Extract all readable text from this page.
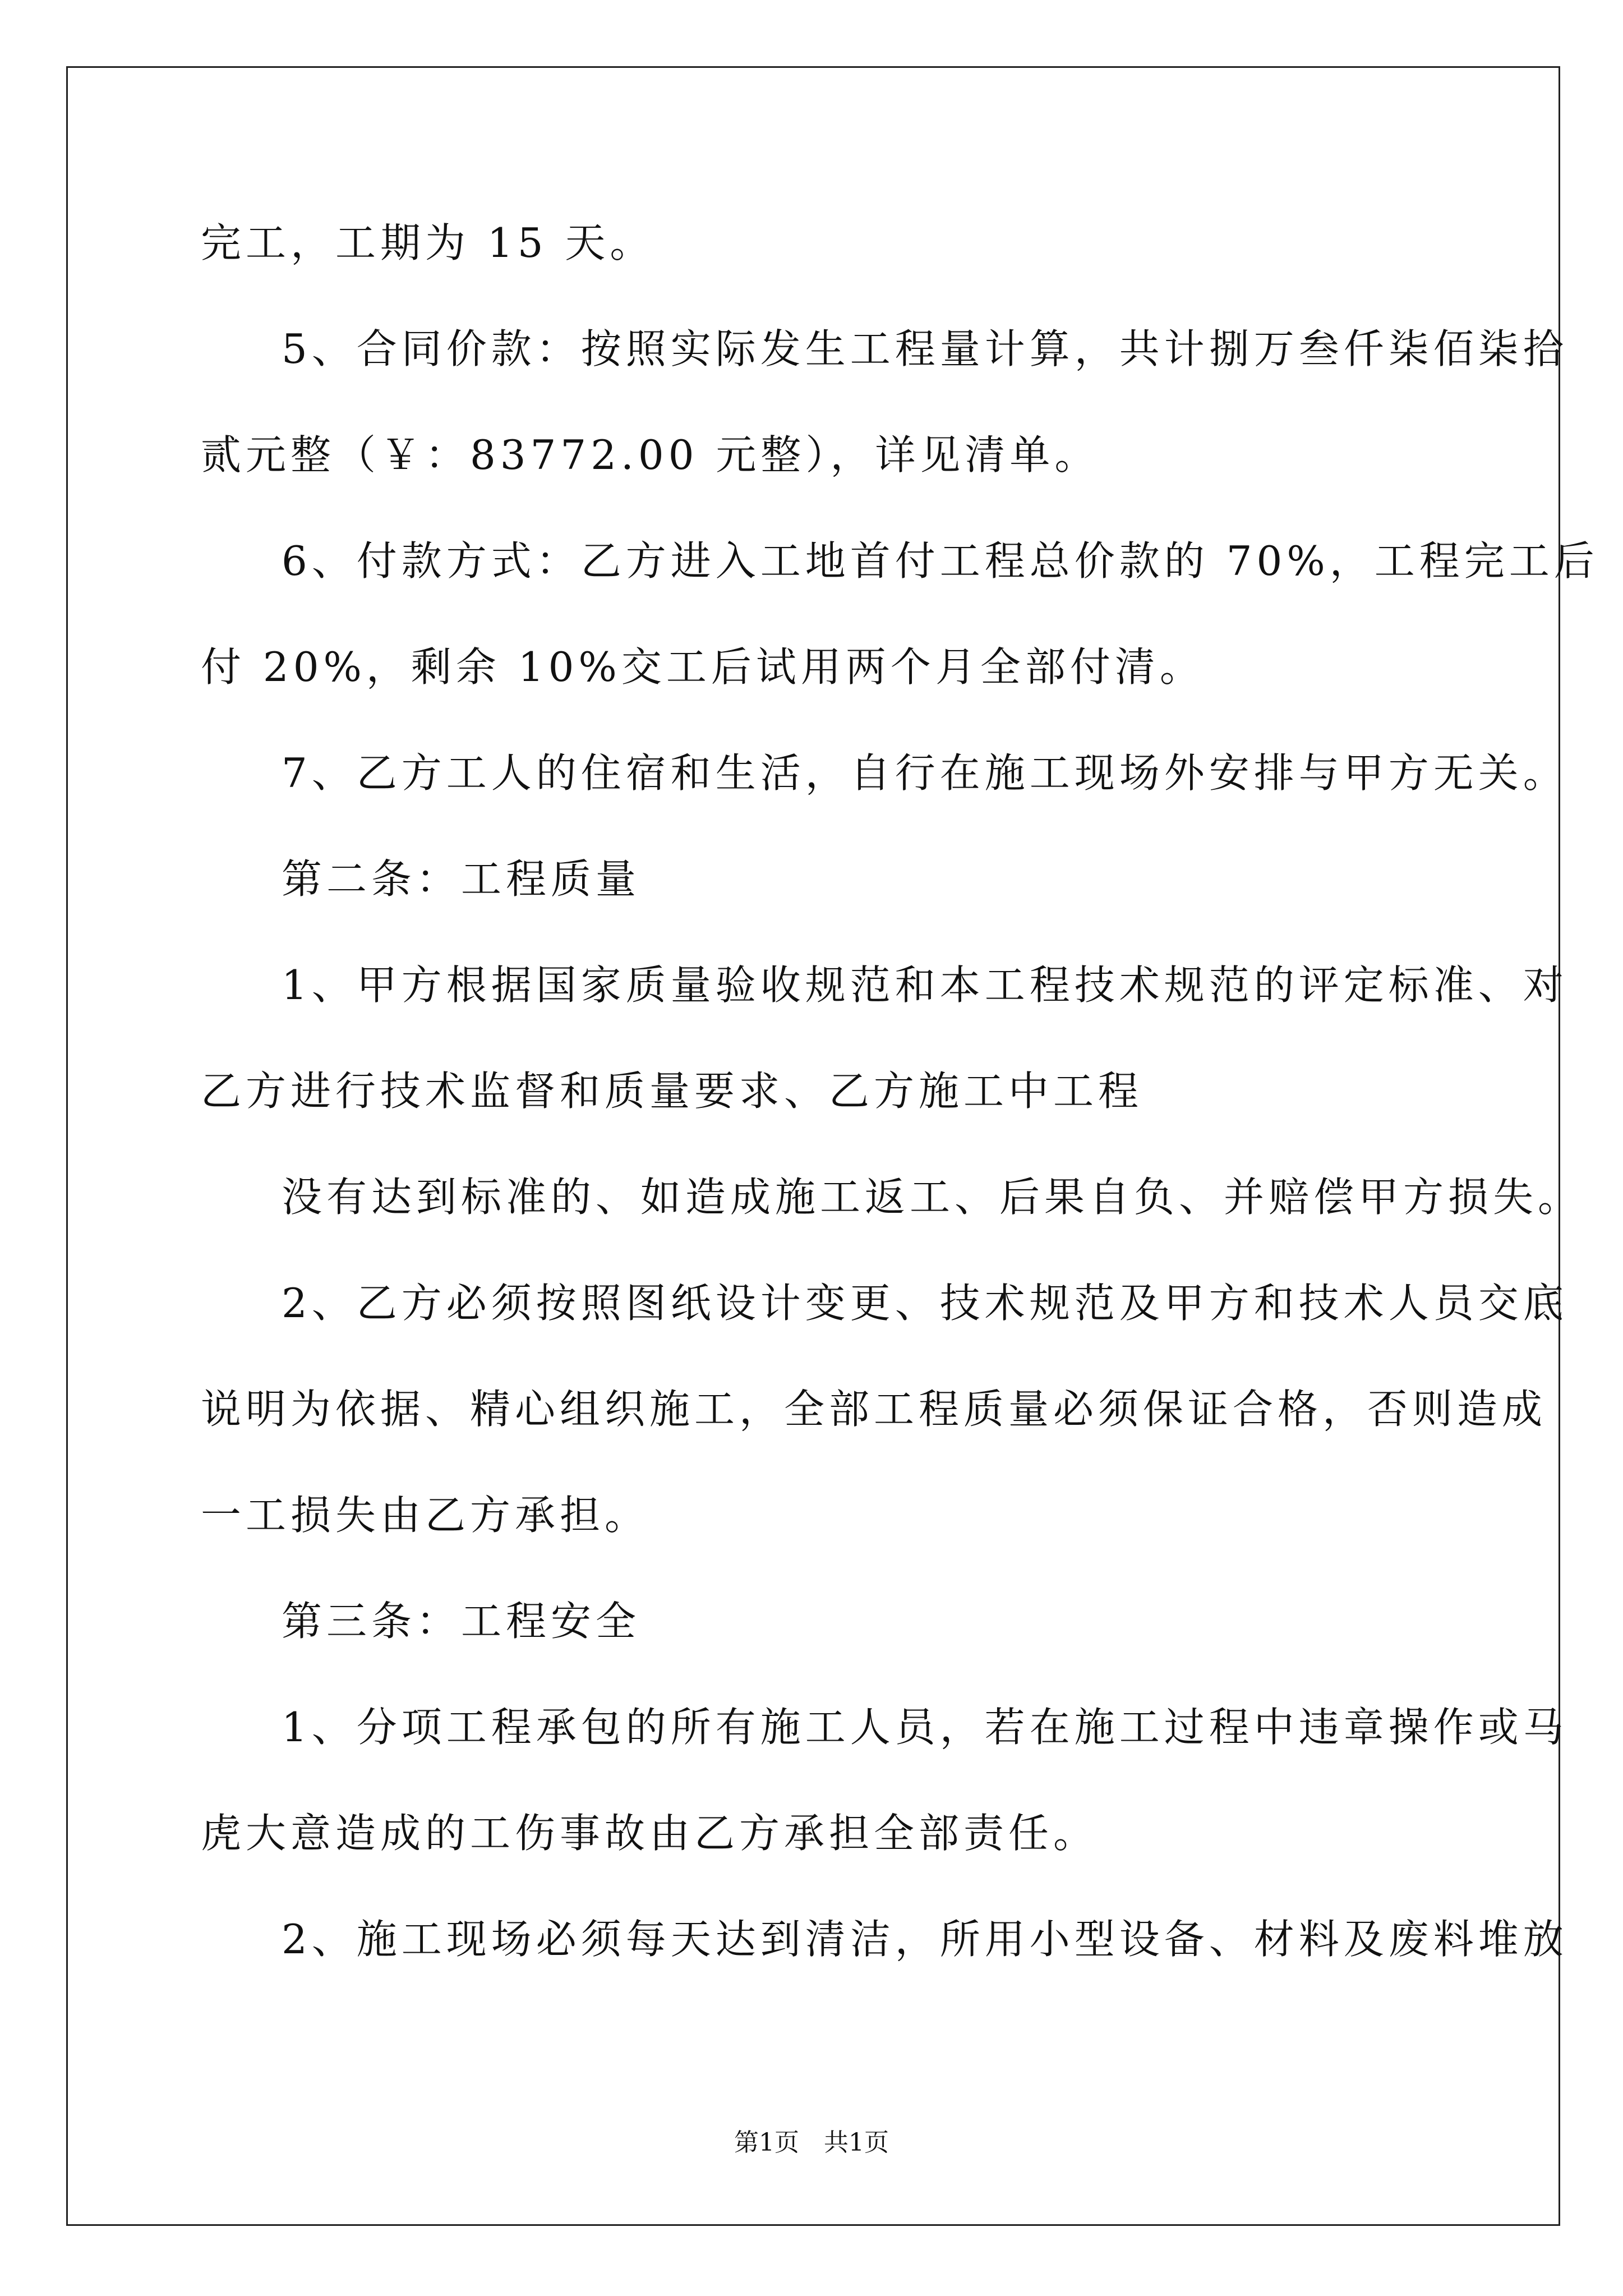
完工，工期为 15 天。
5、合同价款：按照实际发生工程量计算，共计捌万叁仟柒佰柒拾
贰元整（￥：83772.00 元整），详见清单。
6、付款方式：乙方进入工地首付工程总价款的 70%，工程完工后
付 20%，剩余 10%交工后试用两个月全部付清。
7、乙方工人的住宿和生活，自行在施工现场外安排与甲方无关。
第二条：工程质量
1、甲方根据国家质量验收规范和本工程技术规范的评定标准、对
乙方进行技术监督和质量要求、乙方施工中工程
没有达到标准的、如造成施工返工、后果自负、并赔偿甲方损失。
2、乙方必须按照图纸设计变更、技术规范及甲方和技术人员交底
说明为依据、精心组织施工，全部工程质量必须保证合格，否则造成
一工损失由乙方承担。
第三条：工程安全
1、分项工程承包的所有施工人员，若在施工过程中违章操作或马
虎大意造成的工伤事故由乙方承担全部责任。
2、施工现场必须每天达到清洁，所用小型设备、材料及废料堆放
第1页　共1页
